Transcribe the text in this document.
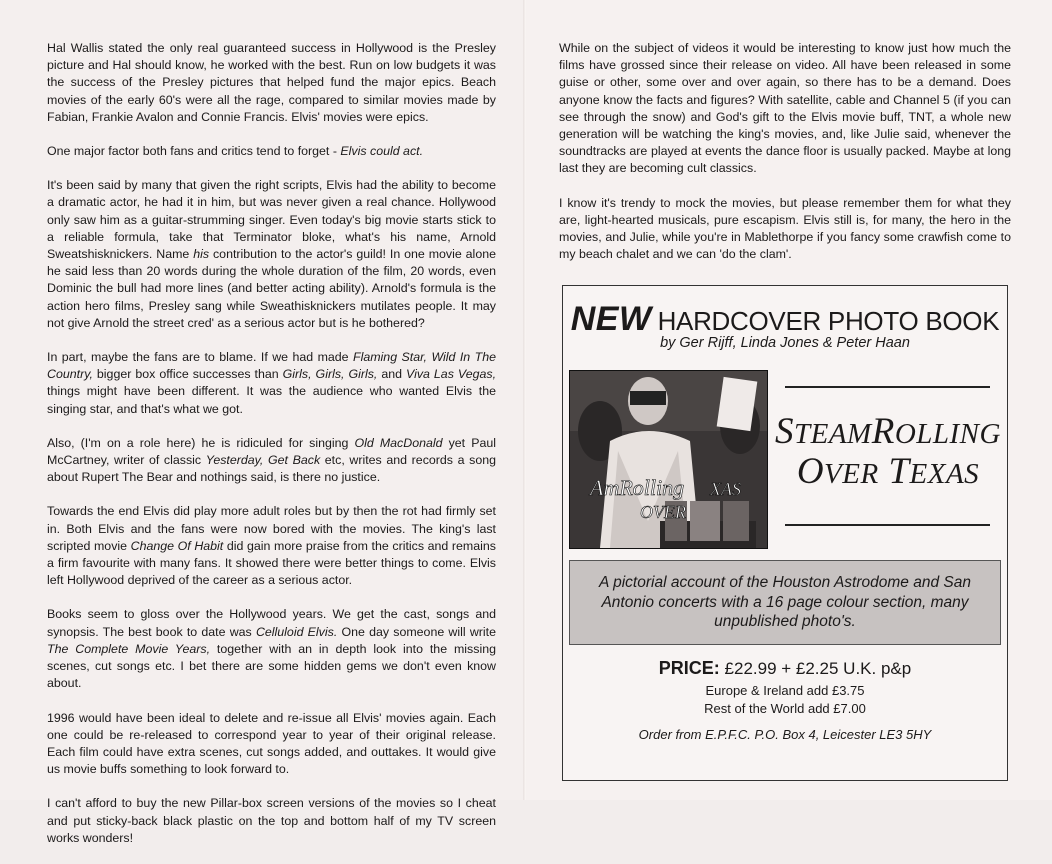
Hal Wallis stated the only real guaranteed success in Hollywood is the Presley picture and Hal should know, he worked with the best. Run on low budgets it was the success of the Presley pictures that helped fund the major epics. Beach movies of the early 60's were all the rage, compared to similar movies made by Fabian, Frankie Avalon and Connie Francis. Elvis' movies were epics.

One major factor both fans and critics tend to forget - Elvis could act.

It's been said by many that given the right scripts, Elvis had the ability to become a dramatic actor, he had it in him, but was never given a real chance. Hollywood only saw him as a guitar-strumming singer. Even today's big movie starts stick to a reliable formula, take that Terminator bloke, what's his name, Arnold Sweatshisknickers. Name his contribution to the actor's guild! In one movie alone he said less than 20 words during the whole duration of the film, 20 words, even Dominic the bull had more lines (and better acting ability). Arnold's formula is the action hero films, Presley sang while Sweathisknickers mutilates people. It may not give Arnold the street cred' as a serious actor but is he bothered?

In part, maybe the fans are to blame. If we had made Flaming Star, Wild In The Country, bigger box office successes than Girls, Girls, Girls, and Viva Las Vegas, things might have been different. It was the audience who wanted Elvis the singing star, and that's what we got.

Also, (I'm on a role here) he is ridiculed for singing Old MacDonald yet Paul McCartney, writer of classic Yesterday, Get Back etc, writes and records a song about Rupert The Bear and nothings said, is there no justice.

Towards the end Elvis did play more adult roles but by then the rot had firmly set in. Both Elvis and the fans were now bored with the movies. The king's last scripted movie Change Of Habit did gain more praise from the critics and remains a firm favourite with many fans. It showed there were better things to come. Elvis left Hollywood deprived of the career as a serious actor.

Books seem to gloss over the Hollywood years. We get the cast, songs and synopsis. The best book to date was Celluloid Elvis. One day someone will write The Complete Movie Years, together with an in depth look into the missing scenes, cut songs etc. I bet there are some hidden gems we don't even know about.

1996 would have been ideal to delete and re-issue all Elvis' movies again. Each one could be re-released to correspond year to year of their original release. Each film could have extra scenes, cut songs added, and outtakes. It would give us movie buffs something to look forward to.

I can't afford to buy the new Pillar-box screen versions of the movies so I cheat and put sticky-back black plastic on the top and bottom half of my TV screen works wonders!

While on the subject of videos it would be interesting to know just how much the films have grossed since their release on video. All have been released in some guise or other, some over and over again, so there has to be a demand. Does anyone know the facts and figures? With satellite, cable and Channel 5 (if you can see through the snow) and God's gift to the Elvis movie buff, TNT, a whole new generation will be watching the king's movies, and, like Julie said, whenever the soundtracks are played at events the dance floor is usually packed. Maybe at long last they are becoming cult classics.

I know it's trendy to mock the movies, but please remember them for what they are, light-hearted musicals, pure escapism. Elvis still is, for many, the hero in the movies, and Julie, while you're in Mablethorpe if you fancy some crawfish come to my beach chalet and we can 'do the clam'.

NEW HARDCOVER PHOTO BOOK
by Ger Rijff, Linda Jones & Peter Haan
AmRolling
OVER
XAS
STEAMROLLING
OVER TEXAS
A pictorial account of the Houston Astrodome and San Antonio concerts with a 16 page colour section, many unpublished photo's.
PRICE: £22.99 + £2.25 U.K. p&p
Europe & Ireland add £3.75
Rest of the World add £7.00
Order from E.P.F.C. P.O. Box 4, Leicester LE3 5HY
